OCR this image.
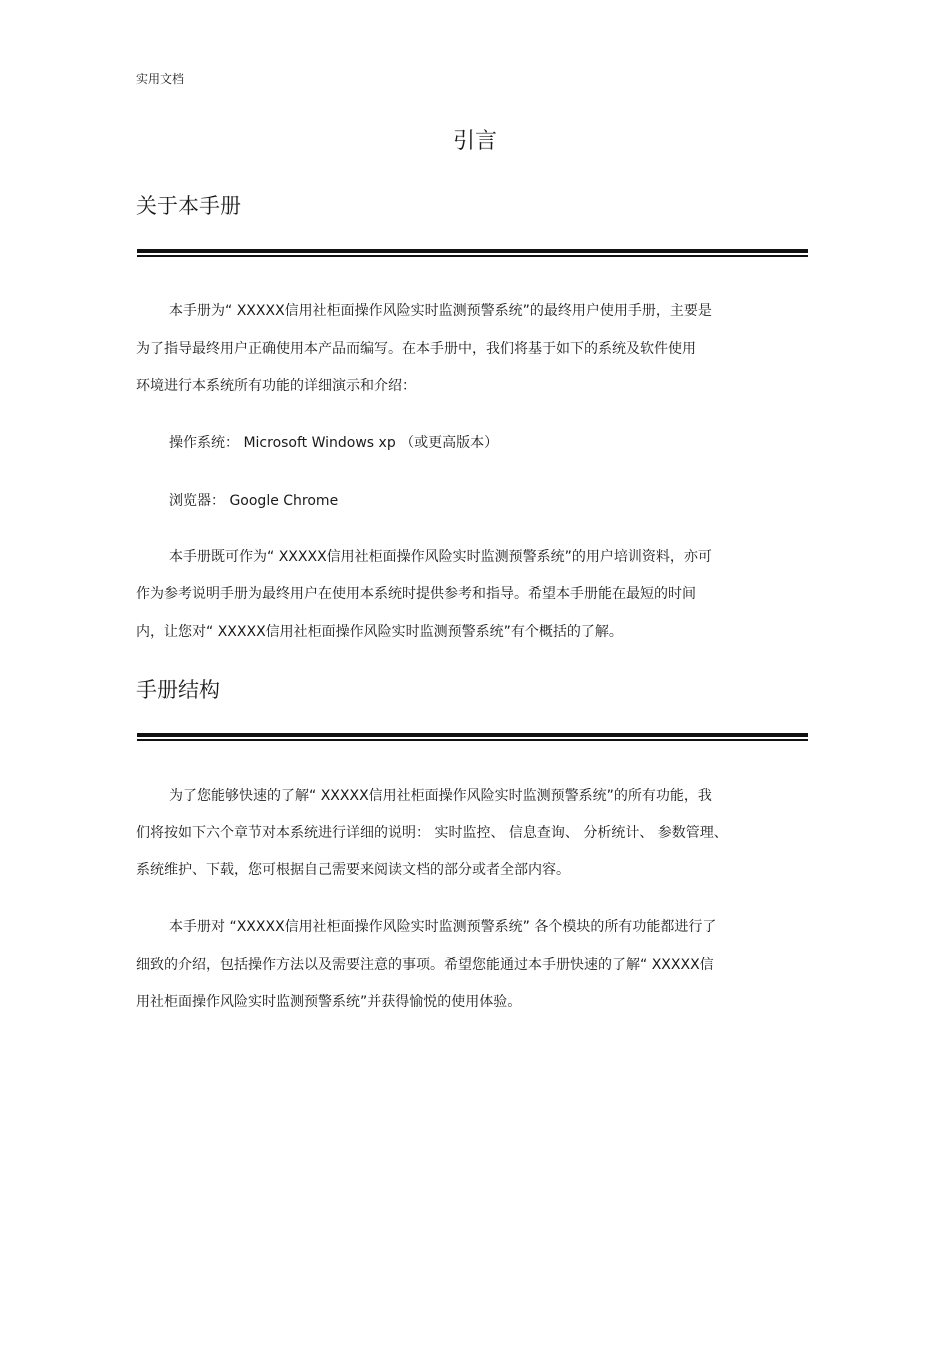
实用文档
引言
关于本手册
本手册为“ XXXXX信用社柜面操作风险实时监测预警系统”的最终用户使用手册，主要是
为了指导最终用户正确使用本产品而编写。在本手册中，我们将基于如下的系统及软件使用
环境进行本系统所有功能的详细演示和介绍：
操作系统： Microsoft Windows xp （或更高版本）
浏览器： Google Chrome
本手册既可作为“ XXXXX信用社柜面操作风险实时监测预警系统”的用户培训资料，亦可
作为参考说明手册为最终用户在使用本系统时提供参考和指导。希望本手册能在最短的时间
内，让您对“ XXXXX信用社柜面操作风险实时监测预警系统”有个概括的了解。
手册结构
为了您能够快速的了解“ XXXXX信用社柜面操作风险实时监测预警系统”的所有功能，我
们将按如下六个章节对本系统进行详细的说明： 实时监控、 信息查询、 分析统计、 参数管理、
系统维护、下载，您可根据自己需要来阅读文档的部分或者全部内容。
本手册对 “XXXXX信用社柜面操作风险实时监测预警系统” 各个模块的所有功能都进行了
细致的介绍，包括操作方法以及需要注意的事项。希望您能通过本手册快速的了解“ XXXXX信
用社柜面操作风险实时监测预警系统”并获得愉悦的使用体验。
